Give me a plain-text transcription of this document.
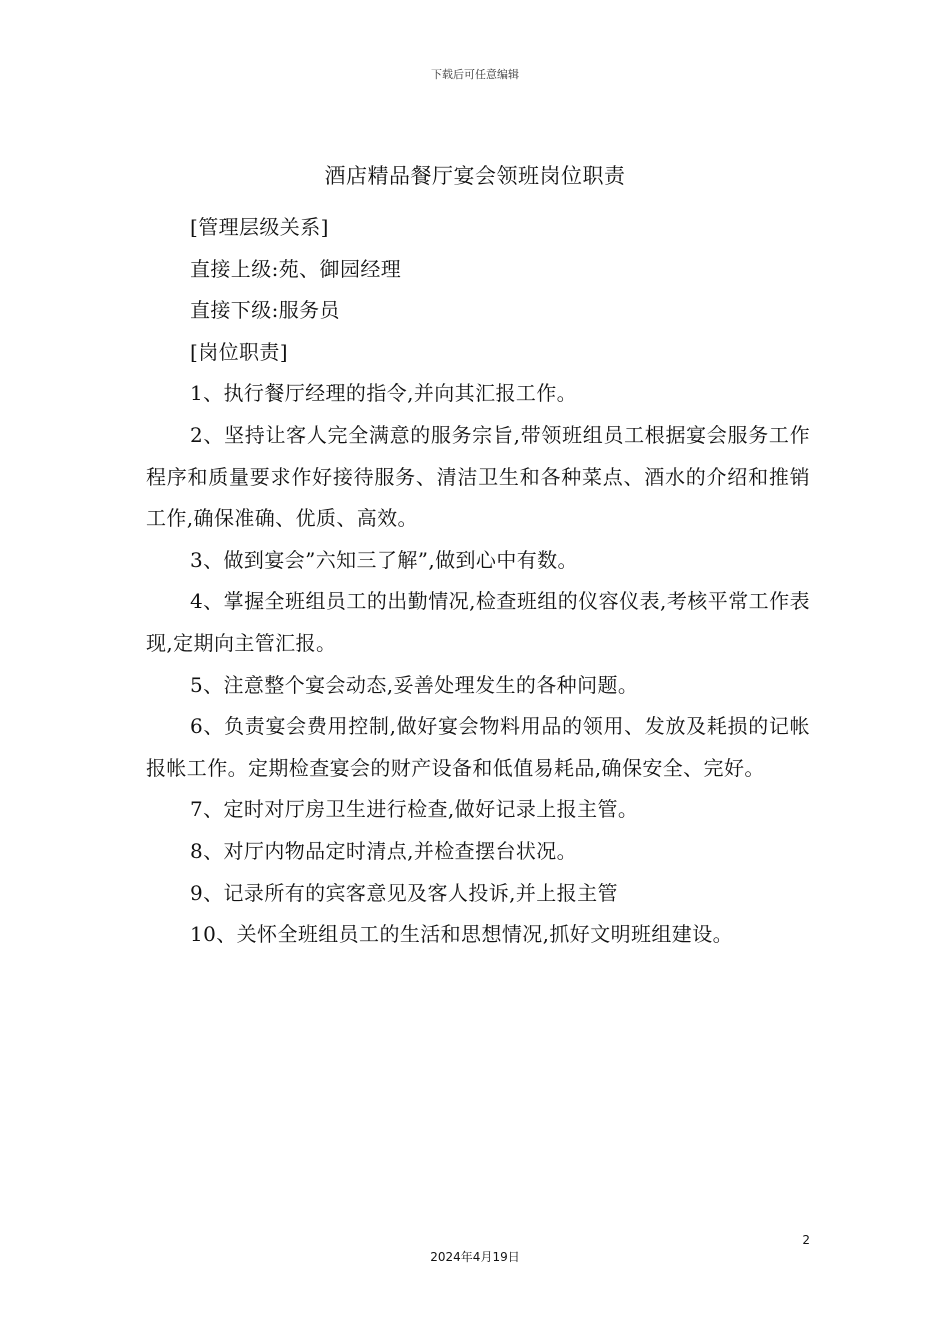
下载后可任意编辑
酒店精品餐厅宴会领班岗位职责

[管理层级关系]

直接上级:苑、御园经理

直接下级:服务员

[岗位职责]

1、执行餐厅经理的指令,并向其汇报工作。

2、坚持让客人完全满意的服务宗旨,带领班组员工根据宴会服务工作程序和质量要求作好接待服务、清洁卫生和各种菜点、酒水的介绍和推销工作,确保准确、优质、高效。

3、做到宴会”六知三了解”,做到心中有数。

4、掌握全班组员工的出勤情况,检查班组的仪容仪表,考核平常工作表现,定期向主管汇报。

5、注意整个宴会动态,妥善处理发生的各种问题。

6、负责宴会费用控制,做好宴会物料用品的领用、发放及耗损的记帐报帐工作。定期检查宴会的财产设备和低值易耗品,确保安全、完好。

7、定时对厅房卫生进行检查,做好记录上报主管。

8、对厅内物品定时清点,并检查摆台状况。

9、记录所有的宾客意见及客人投诉,并上报主管

10、关怀全班组员工的生活和思想情况,抓好文明班组建设。

2
2024年4月19日
